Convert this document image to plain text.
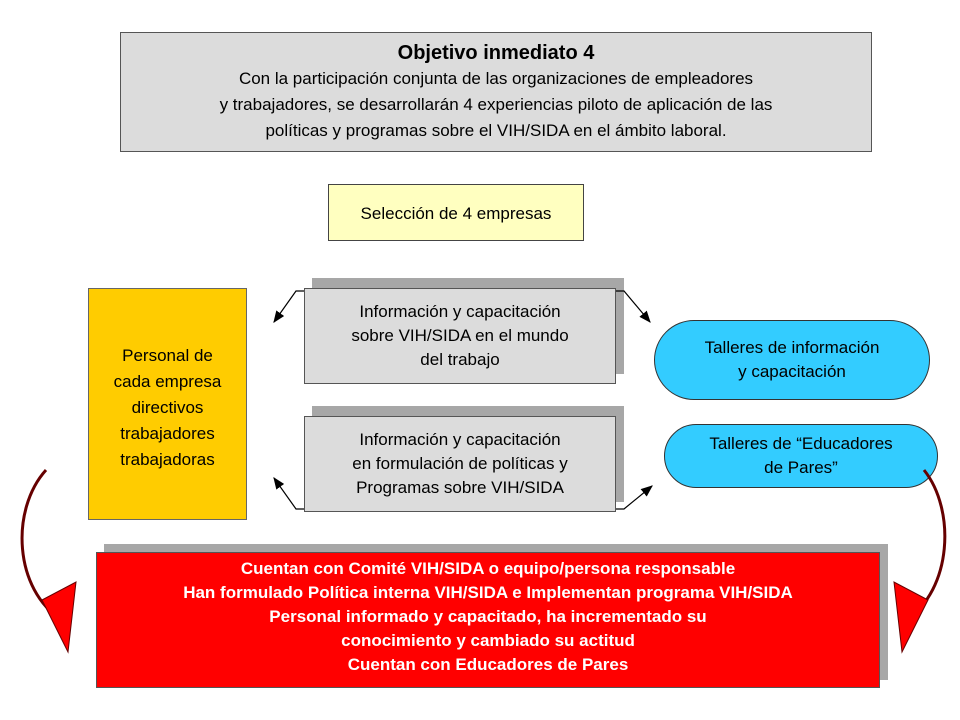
Objetivo inmediato 4
Con la participación conjunta de las organizaciones de empleadores
y trabajadores, se desarrollarán 4 experiencias piloto de aplicación de las
políticas y programas sobre el VIH/SIDA en el ámbito laboral.
Selección de 4 empresas
Personal de
cada empresa
directivos
trabajadores
trabajadoras
Información y capacitación
sobre VIH/SIDA en el mundo
del trabajo
Información y capacitación
en formulación de políticas y
Programas sobre VIH/SIDA
Talleres de información
y capacitación
Talleres de “Educadores
de Pares”
Cuentan con Comité VIH/SIDA o equipo/persona responsable
Han formulado Política interna VIH/SIDA e Implementan programa VIH/SIDA
Personal informado y capacitado, ha incrementado su
conocimiento y cambiado su actitud
Cuentan con Educadores de Pares
